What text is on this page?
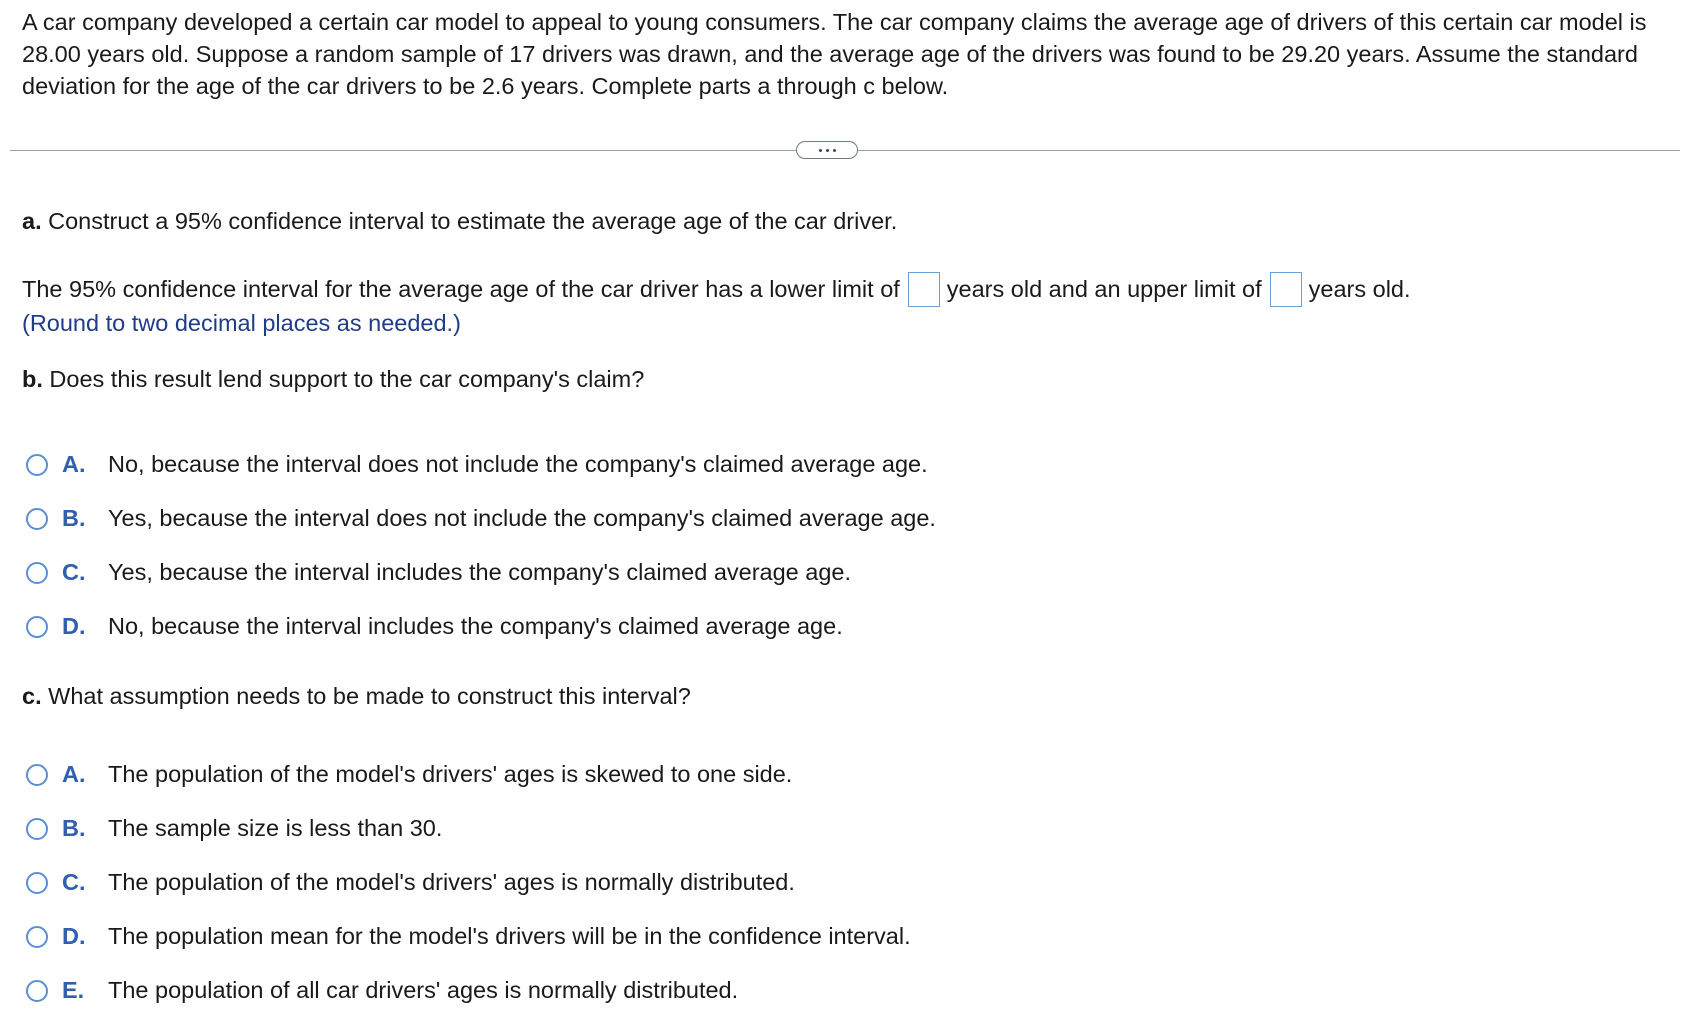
A car company developed a certain car model to appeal to young consumers. The car company claims the average age of drivers of this certain car model is 28.00 years old. Suppose a random sample of 17 drivers was drawn, and the average age of the drivers was found to be 29.20 years. Assume the standard deviation for the age of the car drivers to be 2.6 years. Complete parts a through c below.

a. Construct a 95% confidence interval to estimate the average age of the car driver.

The 95% confidence interval for the average age of the car driver has a lower limit of years old and an upper limit of years old.
(Round to two decimal places as needed.)

b. Does this result lend support to the car company's claim?

A. No, because the interval does not include the company's claimed average age.
B. Yes, because the interval does not include the company's claimed average age.
C. Yes, because the interval includes the company's claimed average age.
D. No, because the interval includes the company's claimed average age.

c. What assumption needs to be made to construct this interval?

A. The population of the model's drivers' ages is skewed to one side.
B. The sample size is less than 30.
C. The population of the model's drivers' ages is normally distributed.
D. The population mean for the model's drivers will be in the confidence interval.
E.	The population of all car drivers' ages is normally distributed.
